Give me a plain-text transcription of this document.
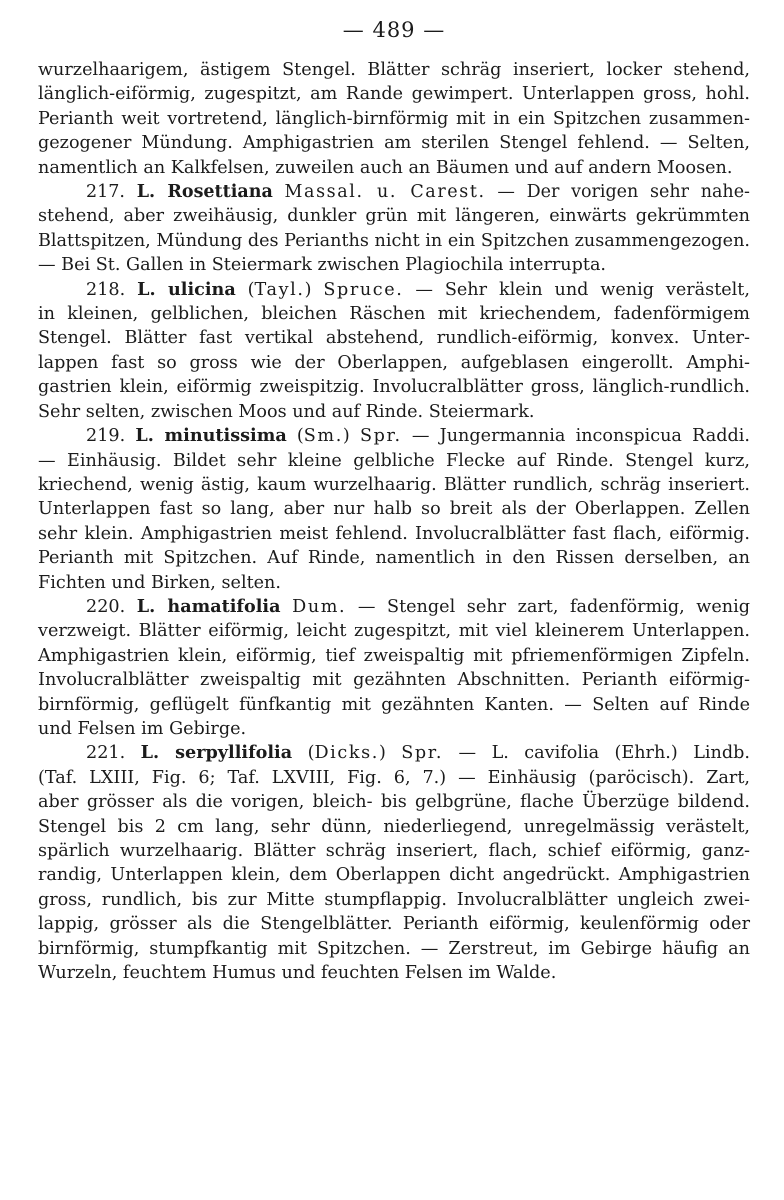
— 489 —
wurzelhaarigem, ästigem Stengel. Blätter schräg inseriert, locker stehend,
länglich-eiförmig, zugespitzt, am Rande gewimpert. Unterlappen gross, hohl.
Perianth weit vortretend, länglich-birnförmig mit in ein Spitzchen zusammen-
gezogener Mündung. Amphigastrien am sterilen Stengel fehlend. — Selten,
namentlich an Kalkfelsen, zuweilen auch an Bäumen und auf andern Moosen.
217. L. Rosettiana Massal. u. Carest. — Der vorigen sehr nahe-
stehend, aber zweihäusig, dunkler grün mit längeren, einwärts gekrümmten
Blattspitzen, Mündung des Perianths nicht in ein Spitzchen zusammengezogen.
— Bei St. Gallen in Steiermark zwischen Plagiochila interrupta.
218. L. ulicina (Tayl.) Spruce. — Sehr klein und wenig verästelt,
in kleinen, gelblichen, bleichen Räschen mit kriechendem, fadenförmigem
Stengel. Blätter fast vertikal abstehend, rundlich-eiförmig, konvex. Unter-
lappen fast so gross wie der Oberlappen, aufgeblasen eingerollt. Amphi-
gastrien klein, eiförmig zweispitzig. Involucralblätter gross, länglich-rundlich.
Sehr selten, zwischen Moos und auf Rinde. Steiermark.
219. L. minutissima (Sm.) Spr. — Jungermannia inconspicua Raddi.
— Einhäusig. Bildet sehr kleine gelbliche Flecke auf Rinde. Stengel kurz,
kriechend, wenig ästig, kaum wurzelhaarig. Blätter rundlich, schräg inseriert.
Unterlappen fast so lang, aber nur halb so breit als der Oberlappen. Zellen
sehr klein. Amphigastrien meist fehlend. Involucralblätter fast flach, eiförmig.
Perianth mit Spitzchen. Auf Rinde, namentlich in den Rissen derselben, an
Fichten und Birken, selten.
220. L. hamatifolia Dum. — Stengel sehr zart, fadenförmig, wenig
verzweigt. Blätter eiförmig, leicht zugespitzt, mit viel kleinerem Unterlappen.
Amphigastrien klein, eiförmig, tief zweispaltig mit pfriemenförmigen Zipfeln.
Involucralblätter zweispaltig mit gezähnten Abschnitten. Perianth eiförmig-
birnförmig, geflügelt fünfkantig mit gezähnten Kanten. — Selten auf Rinde
und Felsen im Gebirge.
221. L. serpyllifolia (Dicks.) Spr. — L. cavifolia (Ehrh.) Lindb.
(Taf. LXIII, Fig. 6; Taf. LXVIII, Fig. 6, 7.) — Einhäusig (paröcisch). Zart,
aber grösser als die vorigen, bleich- bis gelbgrüne, flache Überzüge bildend.
Stengel bis 2 cm lang, sehr dünn, niederliegend, unregelmässig verästelt,
spärlich wurzelhaarig. Blätter schräg inseriert, flach, schief eiförmig, ganz-
randig, Unterlappen klein, dem Oberlappen dicht angedrückt. Amphigastrien
gross, rundlich, bis zur Mitte stumpflappig. Involucralblätter ungleich zwei-
lappig, grösser als die Stengelblätter. Perianth eiförmig, keulenförmig oder
birnförmig, stumpfkantig mit Spitzchen. — Zerstreut, im Gebirge häufig an
Wurzeln, feuchtem Humus und feuchten Felsen im Walde.
